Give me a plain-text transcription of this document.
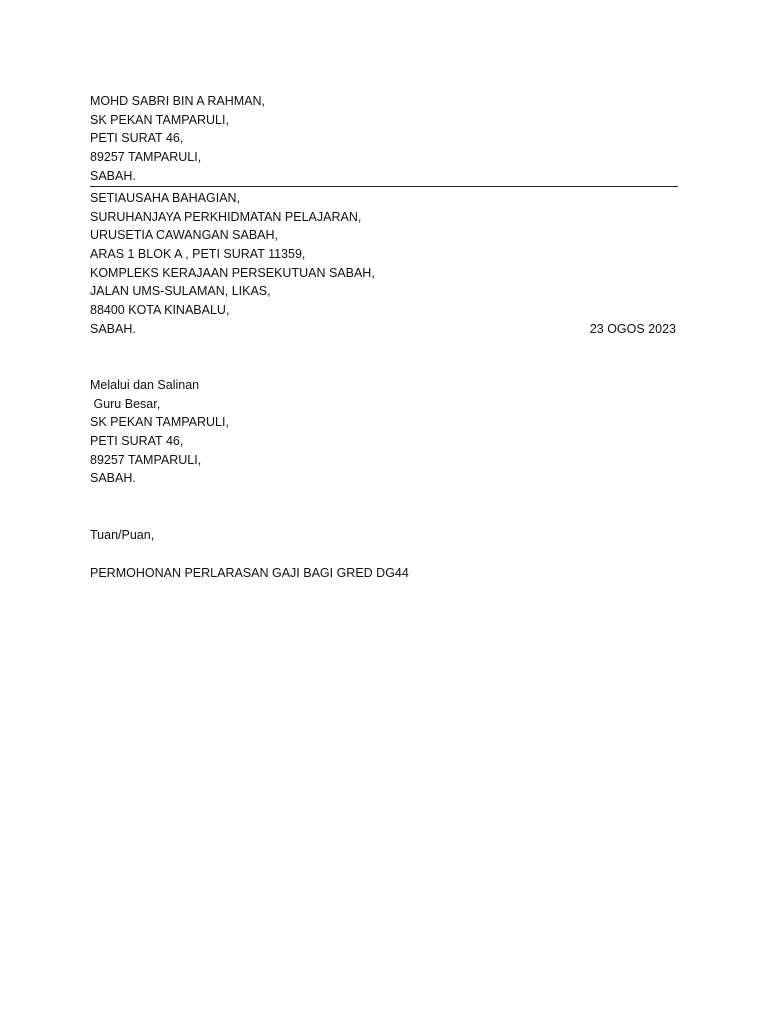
MOHD SABRI BIN A RAHMAN,
SK PEKAN TAMPARULI,
PETI SURAT 46,
89257 TAMPARULI,
SABAH.
SETIAUSAHA BAHAGIAN,
SURUHANJAYA PERKHIDMATAN PELAJARAN,
URUSETIA CAWANGAN SABAH,
ARAS 1 BLOK A , PETI SURAT 11359,
KOMPLEKS KERAJAAN PERSEKUTUAN SABAH,
JALAN UMS-SULAMAN, LIKAS,
88400 KOTA KINABALU,
SABAH.	23 OGOS 2023
Melalui dan Salinan
Guru Besar,
SK PEKAN TAMPARULI,
PETI SURAT 46,
89257 TAMPARULI,
SABAH.
Tuan/Puan,
PERMOHONAN PERLARASAN GAJI BAGI GRED DG44
